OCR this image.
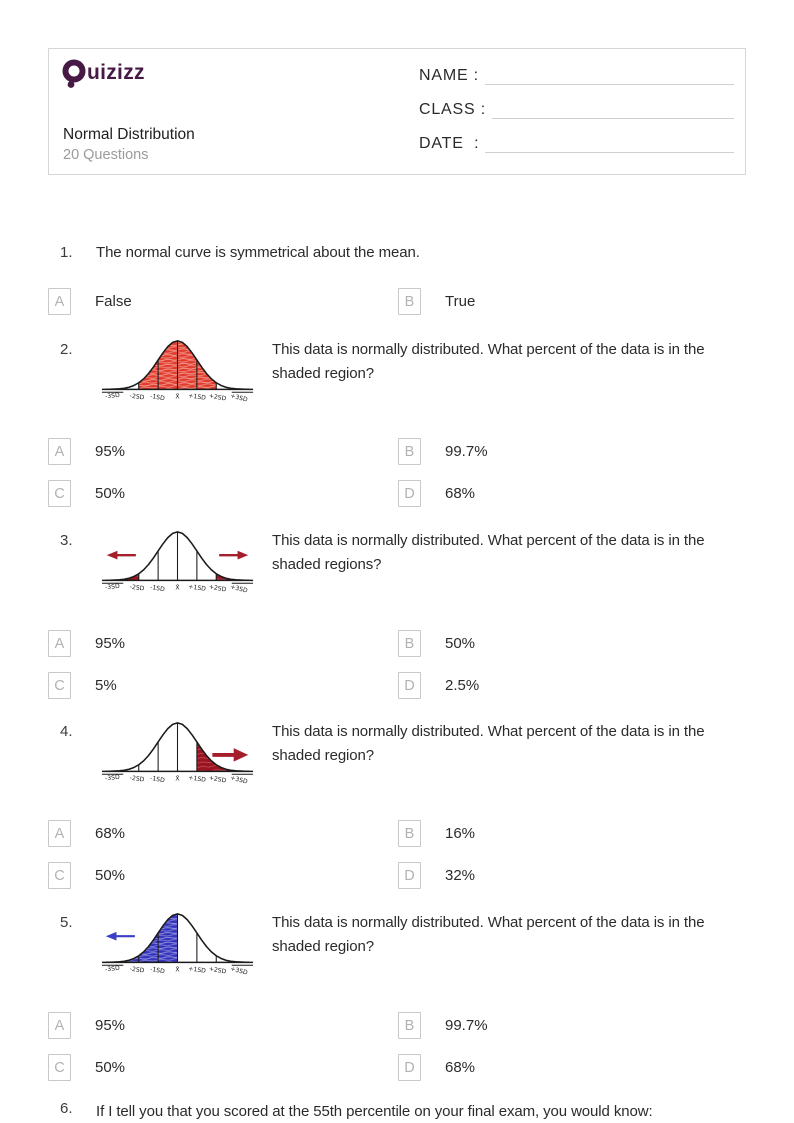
uizizz
Normal Distribution
20 Questions
NAME :
CLASS :
DATE  :
1. The normal curve is symmetrical about the mean.
A	False	B	True
2.
-3SD -2SD -1SD X̄ +1SD +2SD +3SD
This data is normally distributed. What percent of the data is in the shaded region?
A	95%	B	99.7%
C	50%	D	68%
3.
-3SD -2SD -1SD X̄ +1SD +2SD +3SD
This data is normally distributed. What percent of the data is in the shaded regions?
A	95%	B	50%
C	5%	D	2.5%
4.
-3SD -2SD -1SD X̄ +1SD +2SD +3SD
This data is normally distributed. What percent of the data is in the shaded region?
A	68%	B	16%
C	50%	D	32%
5.
-3SD -2SD -1SD X̄ +1SD +2SD +3SD
This data is normally distributed. What percent of the data is in the shaded region?
A	95%	B	99.7%
C	50%	D	68%
6. If I tell you that you scored at the 55th percentile on your final exam, you would know:
